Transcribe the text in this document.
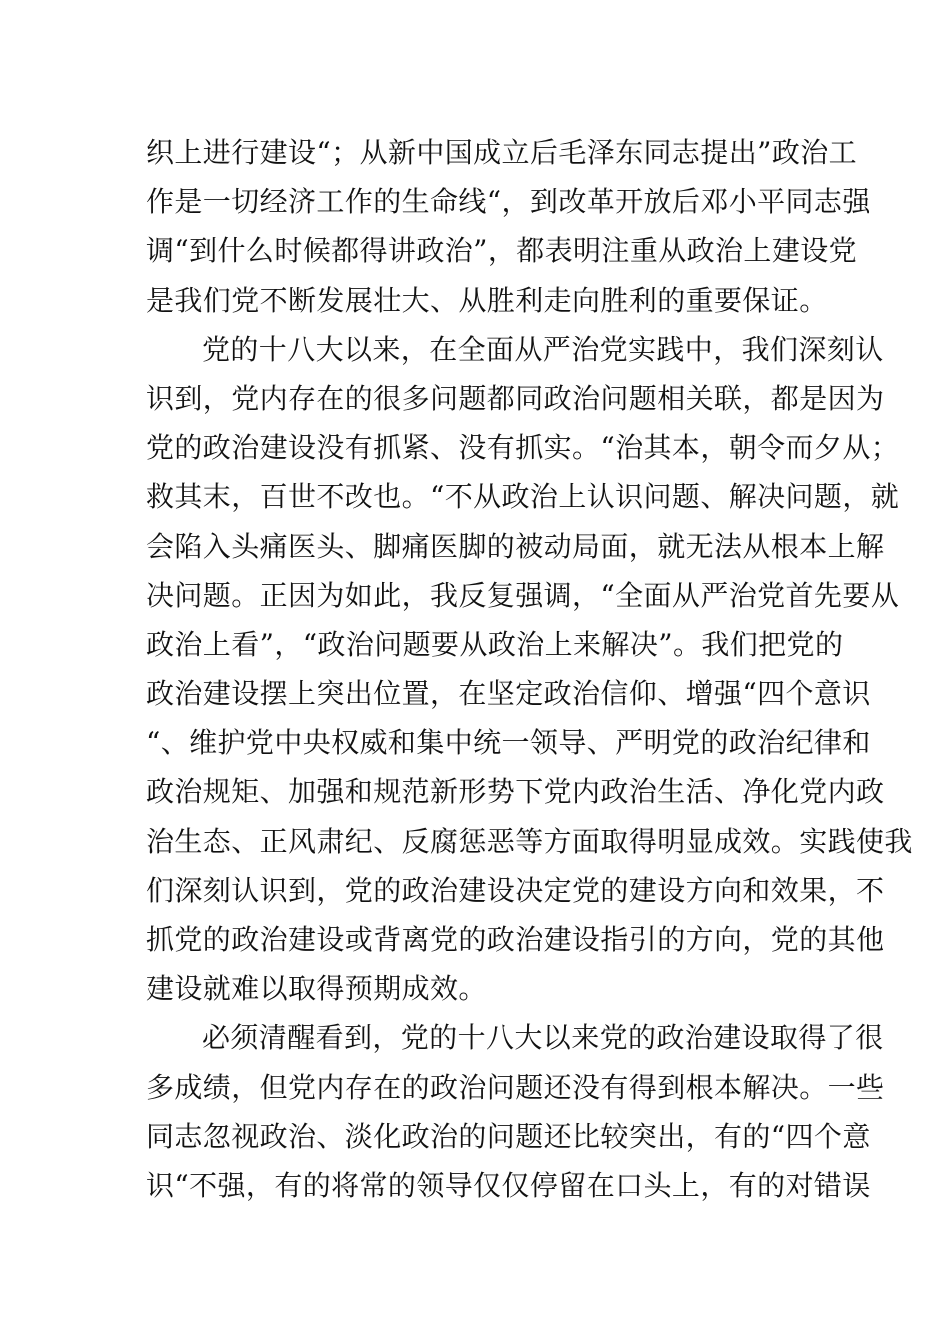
织上进行建设“；从新中国成立后毛泽东同志提出”政治工
作是一切经济工作的生命线“，到改革开放后邓小平同志强
调“到什么时候都得讲政治”，都表明注重从政治上建设党
是我们党不断发展壮大、从胜利走向胜利的重要保证。
党的十八大以来，在全面从严治党实践中，我们深刻认
识到，党内存在的很多问题都同政治问题相关联，都是因为
党的政治建设没有抓紧、没有抓实。“治其本，朝令而夕从；
救其末，百世不改也。“不从政治上认识问题、解决问题，就
会陷入头痛医头、脚痛医脚的被动局面，就无法从根本上解
决问题。正因为如此，我反复强调，“全面从严治党首先要从
政治上看”，“政治问题要从政治上来解决”。我们把党的
政治建设摆上突出位置，在坚定政治信仰、增强“四个意识
“、维护党中央权威和集中统一领导、严明党的政治纪律和
政治规矩、加强和规范新形势下党内政治生活、净化党内政
治生态、正风肃纪、反腐惩恶等方面取得明显成效。实践使我
们深刻认识到，党的政治建设决定党的建设方向和效果，不
抓党的政治建设或背离党的政治建设指引的方向，党的其他
建设就难以取得预期成效。
必须清醒看到，党的十八大以来党的政治建设取得了很
多成绩，但党内存在的政治问题还没有得到根本解决。一些
同志忽视政治、淡化政治的问题还比较突出，有的“四个意
识“不强，有的将常的领导仅仅停留在口头上，有的对错误
